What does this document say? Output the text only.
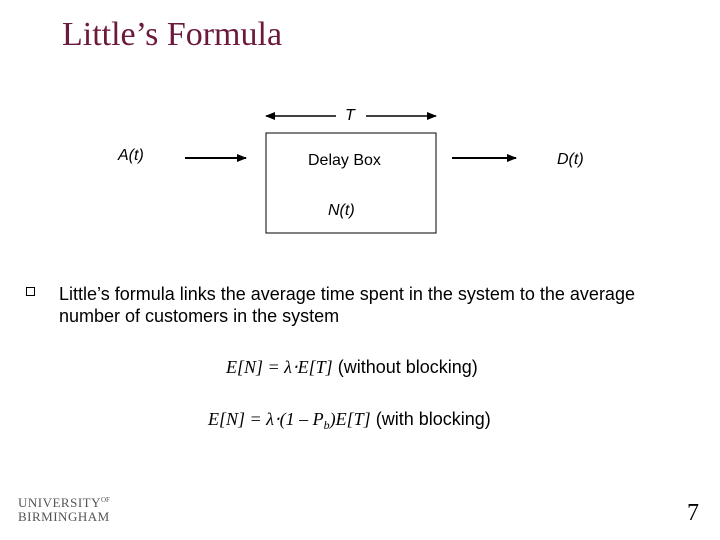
Little’s Formula
T
A(t)	Delay Box	D(t)
N(t)
Little’s formula links the average time spent in the system to the average number of customers in the system
E[N] = λ⋅E[T] (without blocking)
$E[N] = \lambda\cdot(1 - P_b)E[T]$ (with blocking)
$UNIVERSITY^{OF}$
BIRMINGHAM	7
